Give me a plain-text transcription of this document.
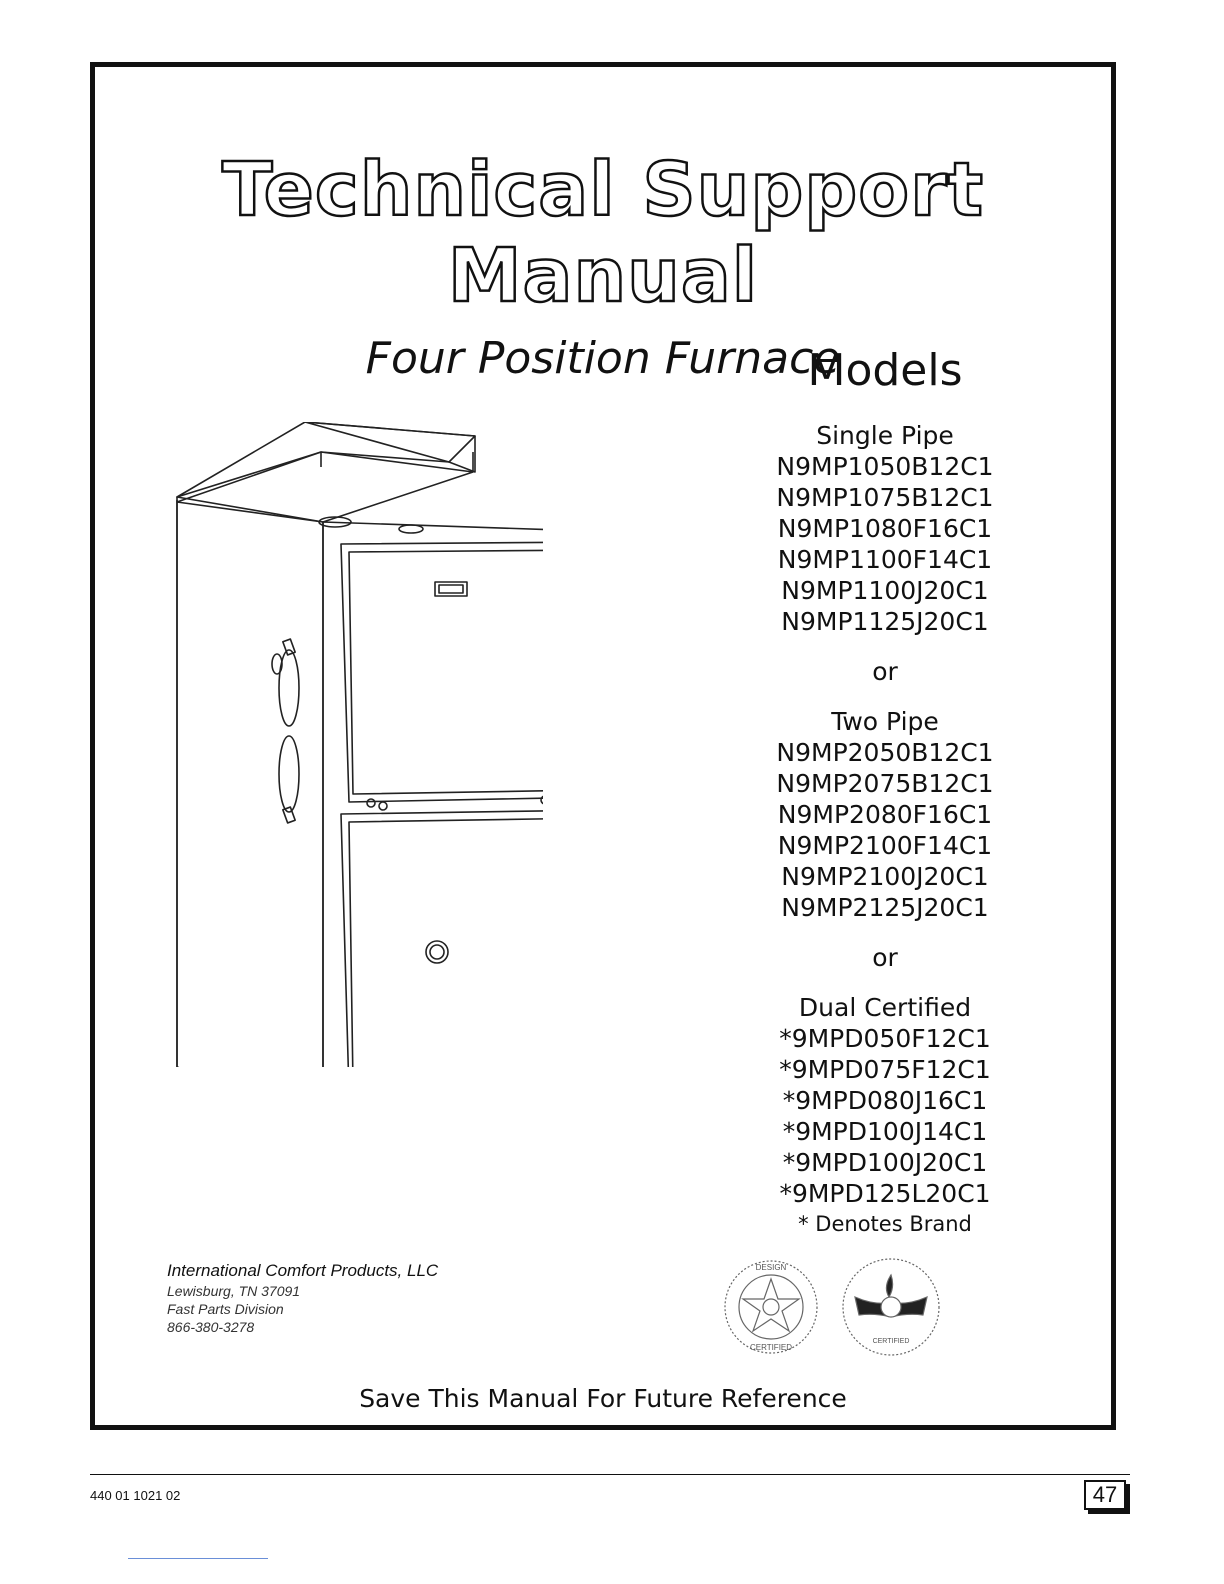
Technical Support Manual
Four Position Furnace
Models
Single Pipe
N9MP1050B12C1
N9MP1075B12C1
N9MP1080F16C1
N9MP1100F14C1
N9MP1100J20C1
N9MP1125J20C1
or
Two Pipe
N9MP2050B12C1
N9MP2075B12C1
N9MP2080F16C1
N9MP2100F14C1
N9MP2100J20C1
N9MP2125J20C1
or
Dual Certified
*9MPD050F12C1
*9MPD075F12C1
*9MPD080J16C1
*9MPD100J14C1
*9MPD100J20C1
*9MPD125L20C1
* Denotes Brand
International Comfort Products, LLC
Lewisburg, TN 37091
Fast Parts Division
866-380-3278
DESIGN
CERTIFIED
CERTIFIED
Save This Manual For Future Reference
440 01 1021 02	47
